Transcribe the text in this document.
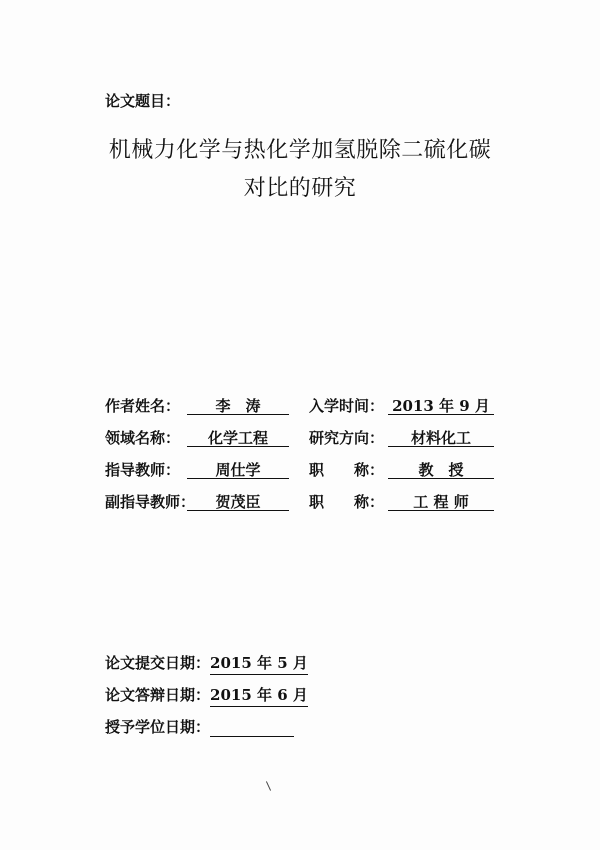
论文题目：
机械力化学与热化学加氢脱除二硫化碳
对比的研究
作者姓名：	李　涛	入学时间： 2013 年 9 月
领域名称：	化学工程	研究方向：	材料化工
指导教师：	周仕学	职　　称：	教　授
副指导教师：	贺茂臣	职　　称：	工 程 师
论文提交日期：2015 年 5 月
论文答辩日期：2015 年 6 月
授予学位日期：
